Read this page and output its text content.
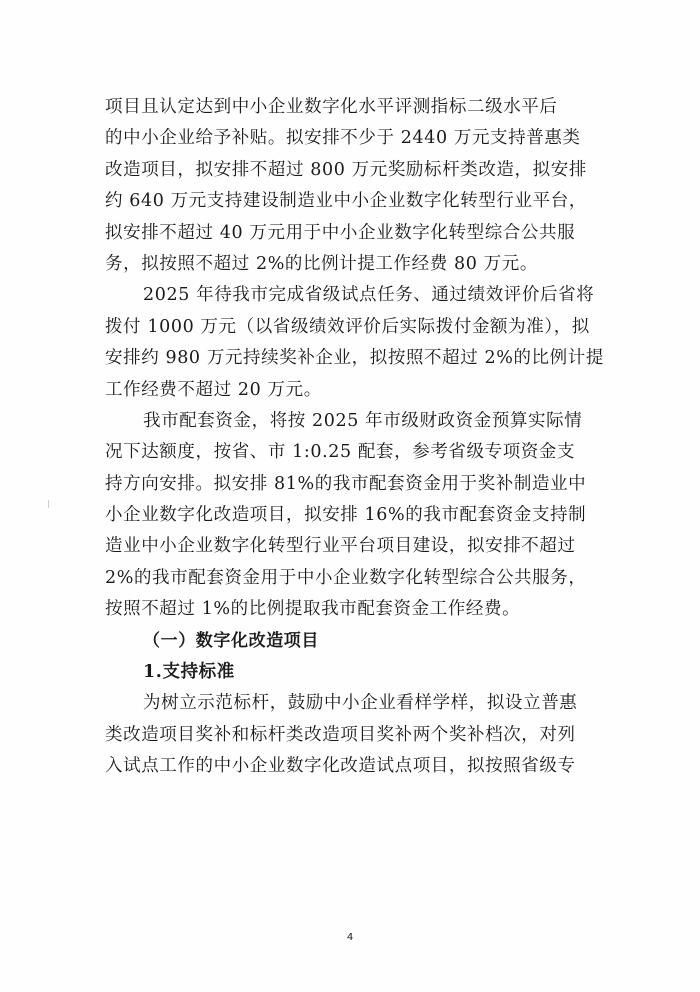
项目且认定达到中小企业数字化水平评测指标二级水平后
的中小企业给予补贴。拟安排不少于 2440 万元支持普惠类
改造项目，拟安排不超过 800 万元奖励标杆类改造，拟安排
约 640 万元支持建设制造业中小企业数字化转型行业平台，
拟安排不超过 40 万元用于中小企业数字化转型综合公共服
务，拟按照不超过 2%的比例计提工作经费 80 万元。
2025 年待我市完成省级试点任务、通过绩效评价后省将
拨付 1000 万元（以省级绩效评价后实际拨付金额为准），拟
安排约 980 万元持续奖补企业，拟按照不超过 2%的比例计提
工作经费不超过 20 万元。
我市配套资金，将按 2025 年市级财政资金预算实际情
况下达额度，按省、市 1:0.25 配套，参考省级专项资金支
持方向安排。拟安排 81%的我市配套资金用于奖补制造业中
小企业数字化改造项目，拟安排 16%的我市配套资金支持制
造业中小企业数字化转型行业平台项目建设，拟安排不超过
2%的我市配套资金用于中小企业数字化转型综合公共服务，
按照不超过 1%的比例提取我市配套资金工作经费。
（一）数字化改造项目
1.支持标准
为树立示范标杆，鼓励中小企业看样学样，拟设立普惠
类改造项目奖补和标杆类改造项目奖补两个奖补档次，对列
入试点工作的中小企业数字化改造试点项目，拟按照省级专
4
